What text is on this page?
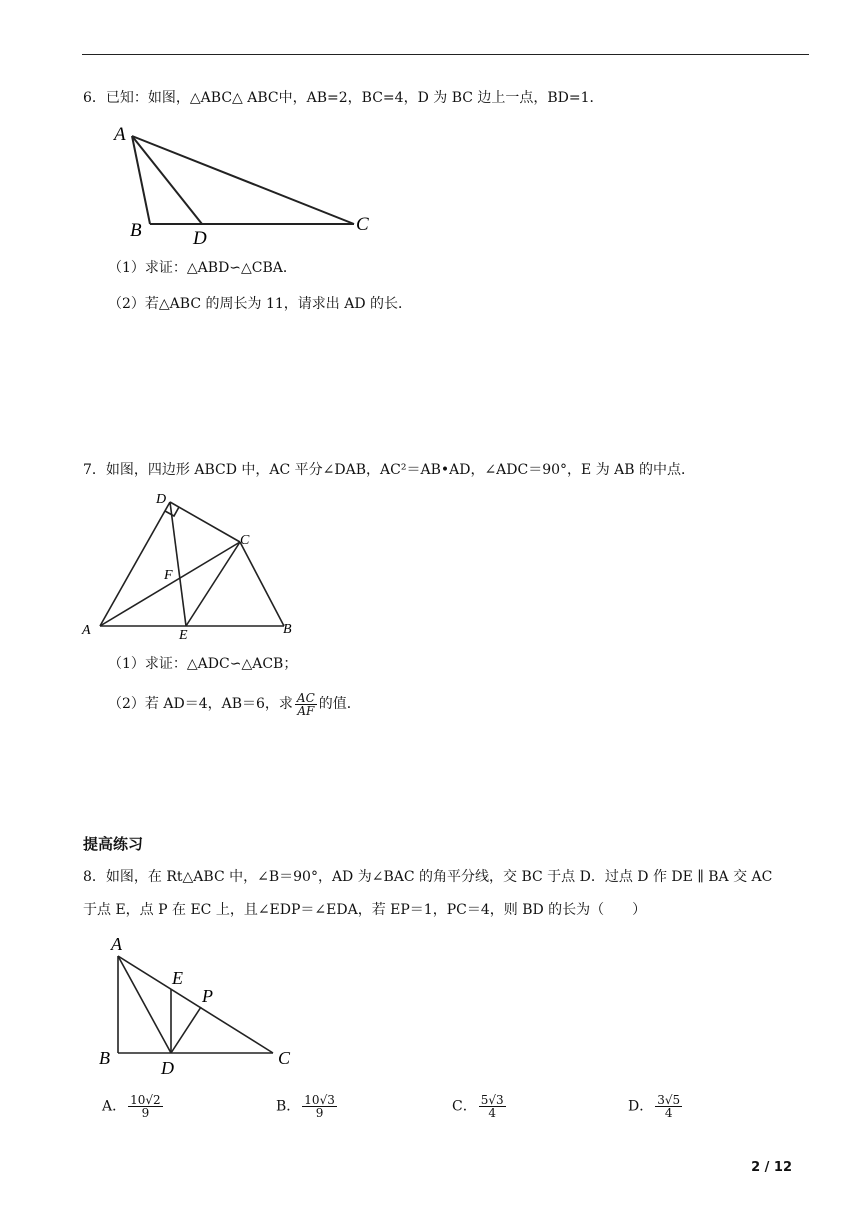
6．已知：如图，△ABC△ ABC中，AB=2，BC=4，D 为 BC 边上一点，BD=1．
A
B	D
C
（1）求证：△ABD∽△CBA．
（2）若△ABC 的周长为 11，请求出 AD 的长．
7．如图，四边形 ABCD 中，AC 平分∠DAB，AC²＝AB•AD，∠ADC＝90°，E 为 AB 的中点．
D
C
F
A	E	B
（1）求证：△ADC∽△ACB；
（2）若 AD＝4，AB＝6，求 $\frac{AC}{AF}$ 的值．
提高练习
8．如图，在 Rt△ABC 中，∠B＝90°，AD 为∠BAC 的角平分线，交 BC 于点 D．过点 D 作 DE ∥ BA 交 AC
于点 E，点 P 在 EC 上，且∠EDP＝∠EDA，若 EP＝1，PC＝4，则 BD 的长为（　　）
A
E
P
B	D	C
A． $\frac{10√2}{9}$	B． $\frac{10√3}{9}$	C． $\frac{5√3}{4}$	D． $\frac{3√5}{4}$
2 / 12
